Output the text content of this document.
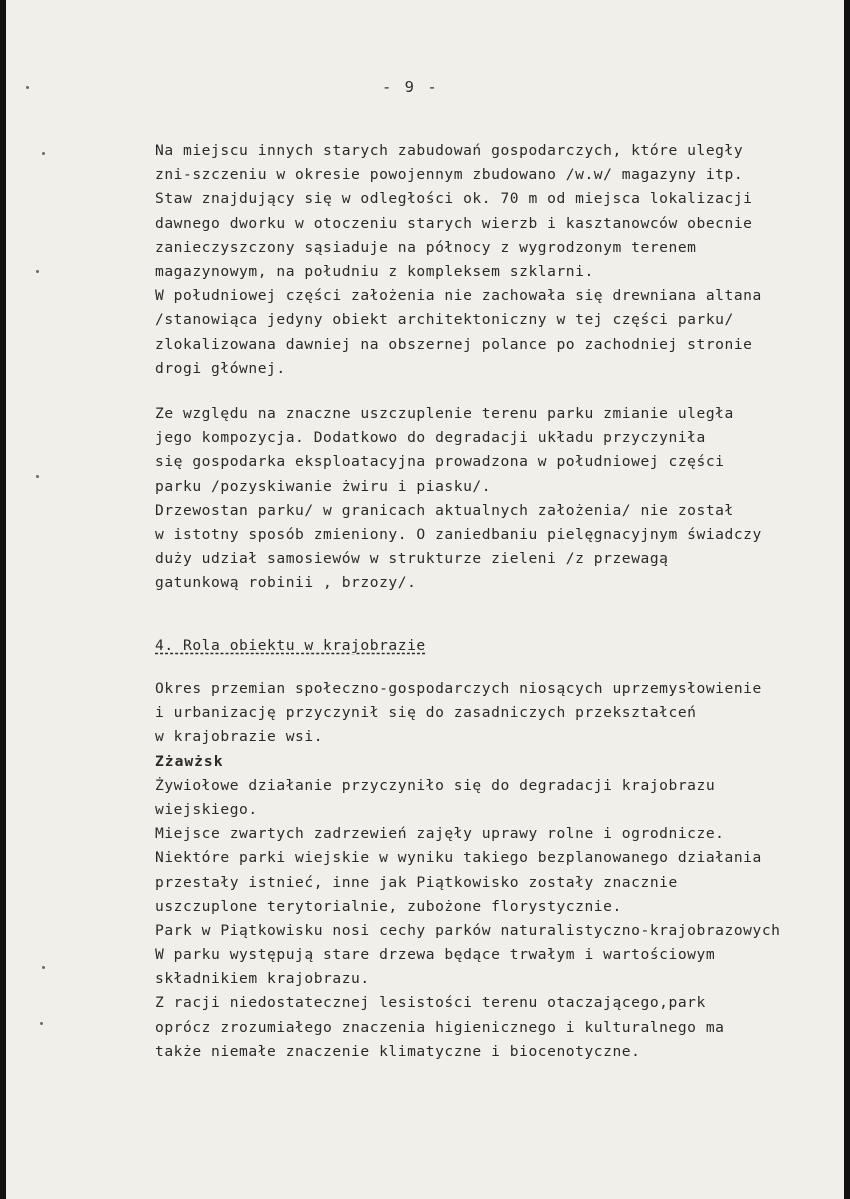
- 9 -
Na miejscu innych starych zabudowań gospodarczych, które uległy
zni-szczeniu w okresie powojennym zbudowano /w.w/ magazyny itp.
Staw znajdujący się w odległości ok. 70 m od miejsca lokalizacji
dawnego dworku w otoczeniu starych wierzb i kasztanowców obecnie
zanieczyszczony sąsiaduje na północy z wygrodzonym terenem
magazynowym, na południu z kompleksem szklarni.
W południowej części założenia nie zachowała się drewniana altana
/stanowiąca jedyny obiekt architektoniczny w tej części parku/
zlokalizowana dawniej na obszernej polance po zachodniej stronie
drogi głównej.
Ze względu na znaczne uszczuplenie terenu parku zmianie uległa
jego kompozycja. Dodatkowo do degradacji układu przyczyniła
się gospodarka eksploatacyjna prowadzona w południowej części
parku /pozyskiwanie żwiru i piasku/.
Drzewostan parku/ w granicach aktualnych założenia/ nie został
w istotny sposób zmieniony. O zaniedbaniu pielęgnacyjnym świadczy
duży udział samosiewów w strukturze zieleni /z przewagą
gatunkową robinii , brzozy/.
4. Rola obiektu w krajobrazie
Okres przemian społeczno-gospodarczych niosących uprzemysłowienie
i urbanizację przyczynił się do zasadniczych przekształceń
w krajobrazie wsi.
Zżawżsk
Żywiołowe działanie przyczyniło się do degradacji krajobrazu
wiejskiego.
Miejsce zwartych zadrzewień zajęły uprawy rolne i ogrodnicze.
Niektóre parki wiejskie w wyniku takiego bezplanowanego działania
przestały istnieć, inne jak Piątkowisko zostały znacznie
uszczuplone terytorialnie, zubożone florystycznie.
Park w Piątkowisku nosi cechy parków naturalistyczno-krajobrazowych
W parku występują stare drzewa będące trwałym i wartościowym
składnikiem krajobrazu.
Z racji niedostatecznej lesistości terenu otaczającego,park
oprócz zrozumiałego znaczenia higienicznego i kulturalnego ma
także niemałe znaczenie klimatyczne i biocenotyczne.
